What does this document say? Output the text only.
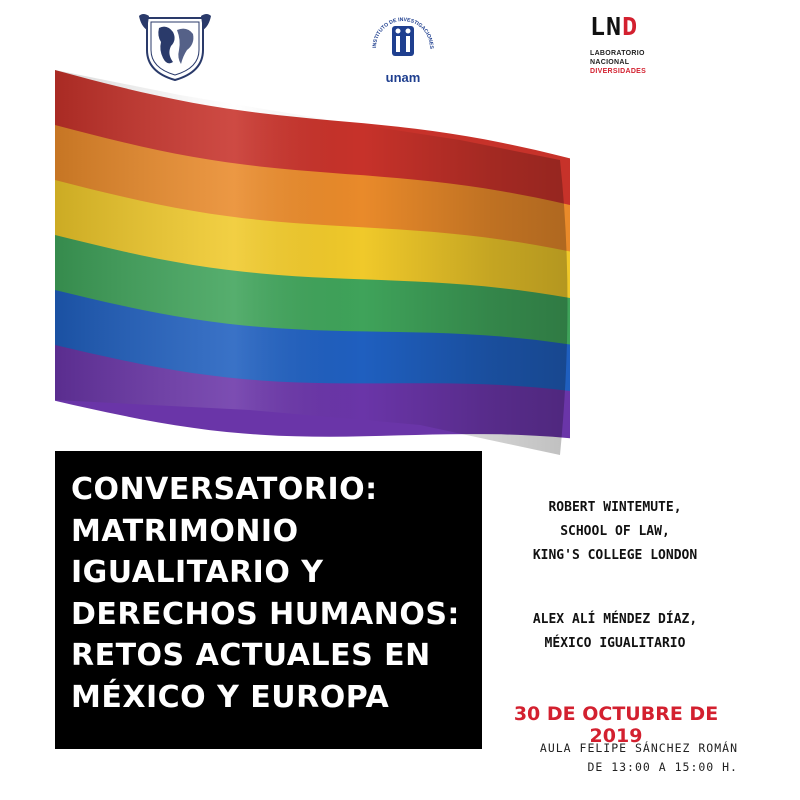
INSTITUTO DE INVESTIGACIONES
unam
LND
LABORATORIO
NACIONAL
DIVERSIDADES
CONVERSATORIO:
MATRIMONIO
IGUALITARIO Y
DERECHOS HUMANOS:
RETOS ACTUALES EN
MÉXICO Y EUROPA
ROBERT WINTEMUTE,
SCHOOL OF LAW,
KING'S COLLEGE LONDON
ALEX ALÍ MÉNDEZ DÍAZ,
MÉXICO IGUALITARIO
30 DE OCTUBRE DE 2019
AULA FELIPE SÁNCHEZ ROMÁN
DE 13:00 A 15:00 H.
